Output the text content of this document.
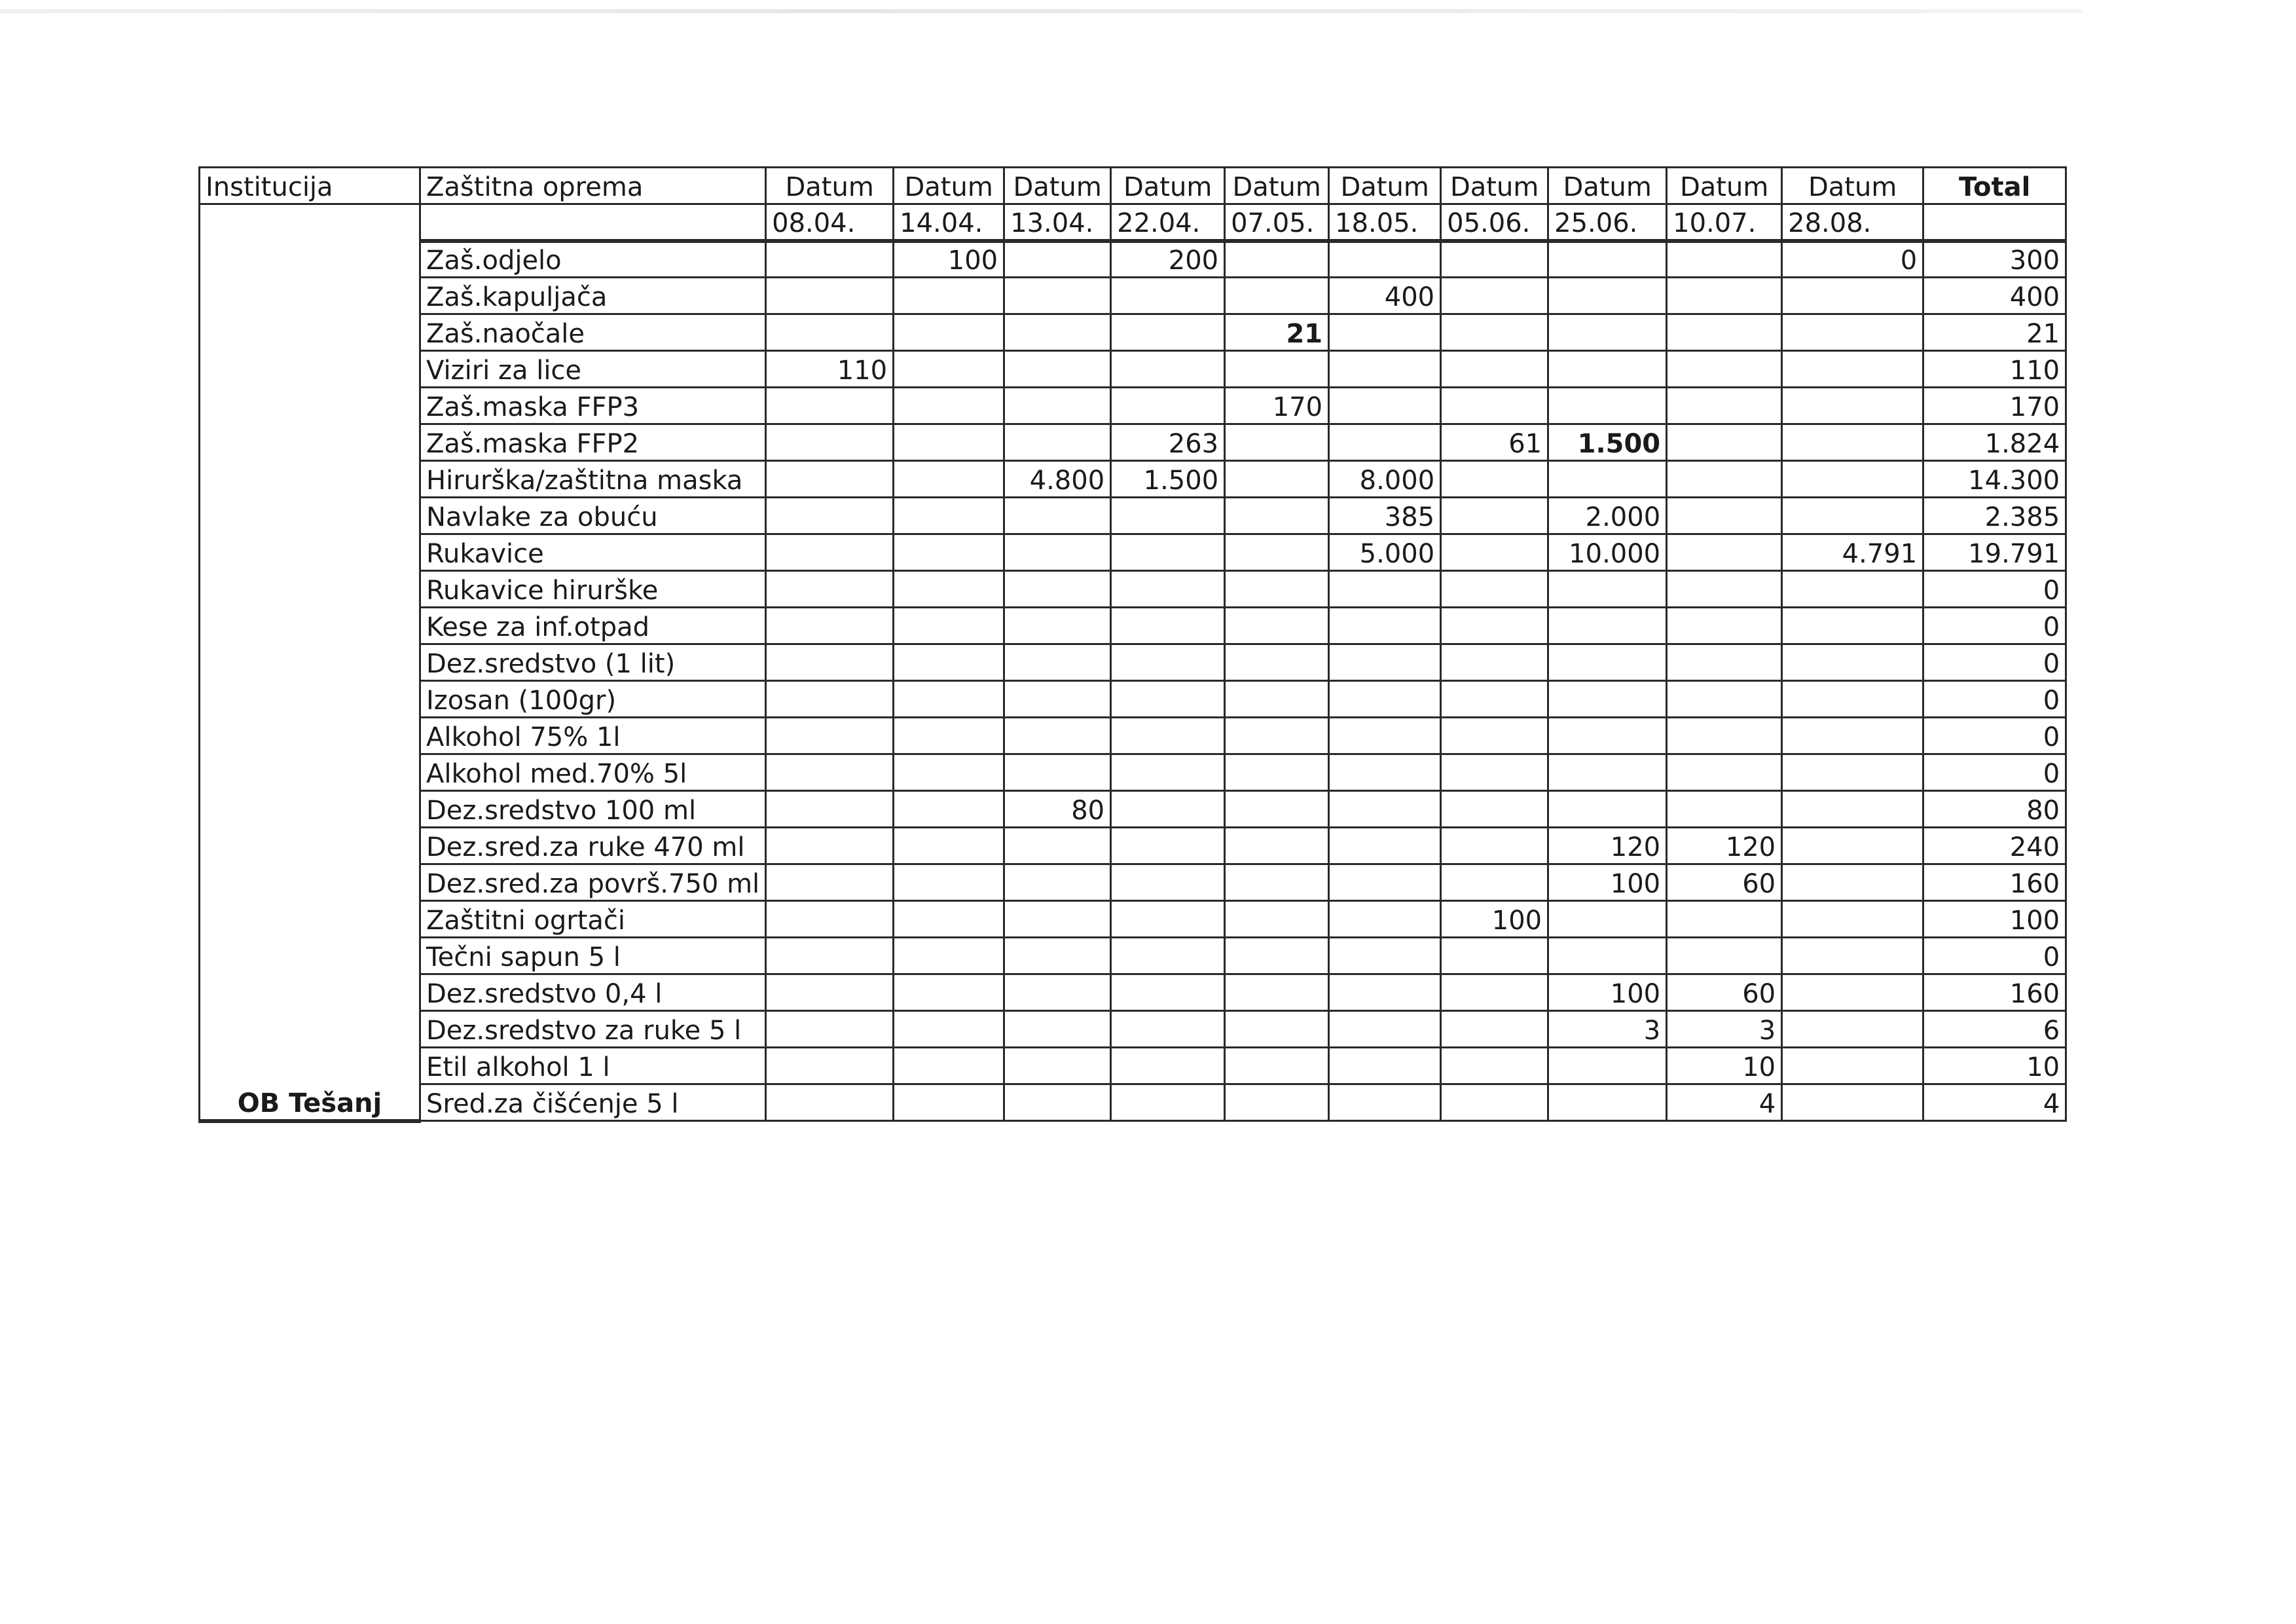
Institucija	Zaštitna oprema	Datum	Datum	Datum	Datum	Datum	Datum	Datum	Datum	Datum	Datum	Total
OB Tešanj		08.04.	14.04.	13.04.	22.04.	07.05.	18.05.	05.06.	25.06.	10.07.	28.08.	
	Zaš.odjelo		100		200						0	300
	Zaš.kapuljača						400					400
	Zaš.naočale					21						21
	Viziri za lice	110										110
	Zaš.maska FFP3					170						170
	Zaš.maska FFP2				263			61	1.500			1.824
	Hirurška/zaštitna maska			4.800	1.500		8.000					14.300
	Navlake za obuću						385		2.000			2.385
	Rukavice						5.000		10.000		4.791	19.791
	Rukavice hirurške											0
	Kese za inf.otpad											0
	Dez.sredstvo (1 lit)											0
	Izosan (100gr)											0
	Alkohol 75% 1l											0
	Alkohol med.70% 5l											0
	Dez.sredstvo 100 ml			80								80
	Dez.sred.za ruke 470 ml								120	120		240
	Dez.sred.za površ.750 ml								100	60		160
	Zaštitni ogrtači							100				100
	Tečni sapun 5 l											0
	Dez.sredstvo 0,4 l								100	60		160
	Dez.sredstvo za ruke 5 l								3	3		6
	Etil alkohol 1 l									10		10
	Sred.za čišćenje 5 l									4		4
